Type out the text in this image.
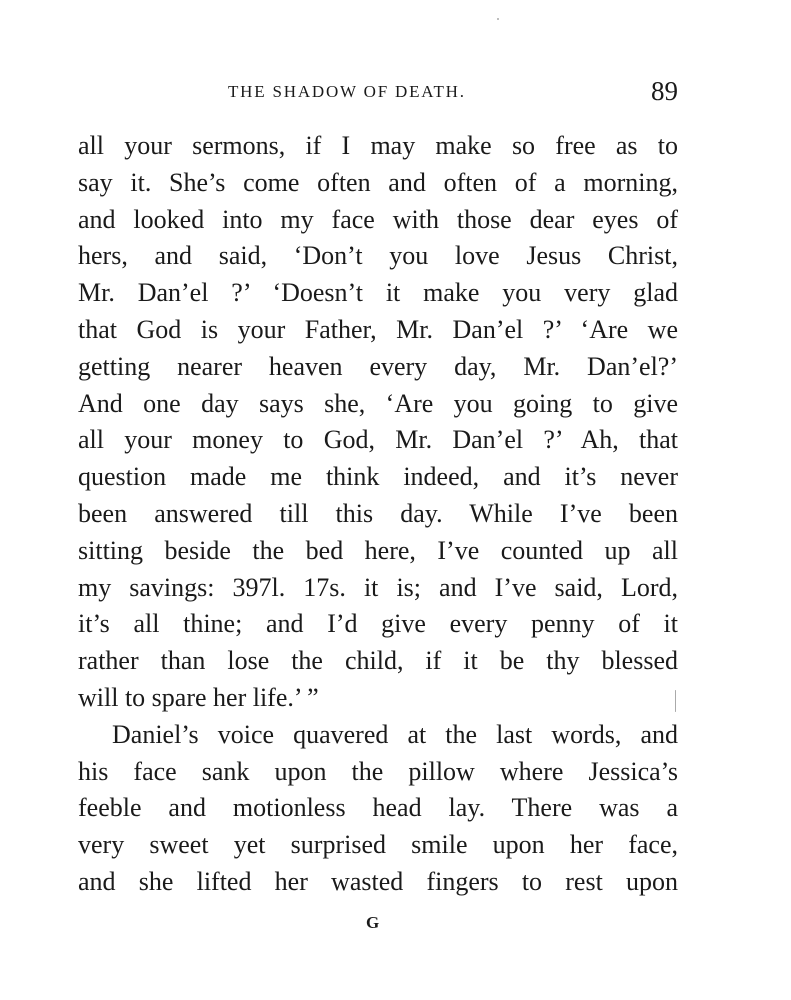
THE SHADOW OF DEATH.	89
all your sermons, if I may make so free as to
say it. She’s come often and often of a morning,
and looked into my face with those dear eyes of
hers, and said, ‘Don’t you love Jesus Christ,
Mr. Dan’el ?’ ‘Doesn’t it make you very glad
that God is your Father, Mr. Dan’el ?’ ‘Are we
getting nearer heaven every day, Mr. Dan’el?’
And one day says she, ‘Are you going to give
all your money to God, Mr. Dan’el ?’ Ah, that
question made me think indeed, and it’s never
been answered till this day. While I’ve been
sitting beside the bed here, I’ve counted up all
my savings: 397l. 17s. it is; and I’ve said, Lord,
it’s all thine; and I’d give every penny of it
rather than lose the child, if it be thy blessed
will to spare her life.’ ”
Daniel’s voice quavered at the last words, and
his face sank upon the pillow where Jessica’s
feeble and motionless head lay. There was a
very sweet yet surprised smile upon her face,
and she lifted her wasted fingers to rest upon
G
